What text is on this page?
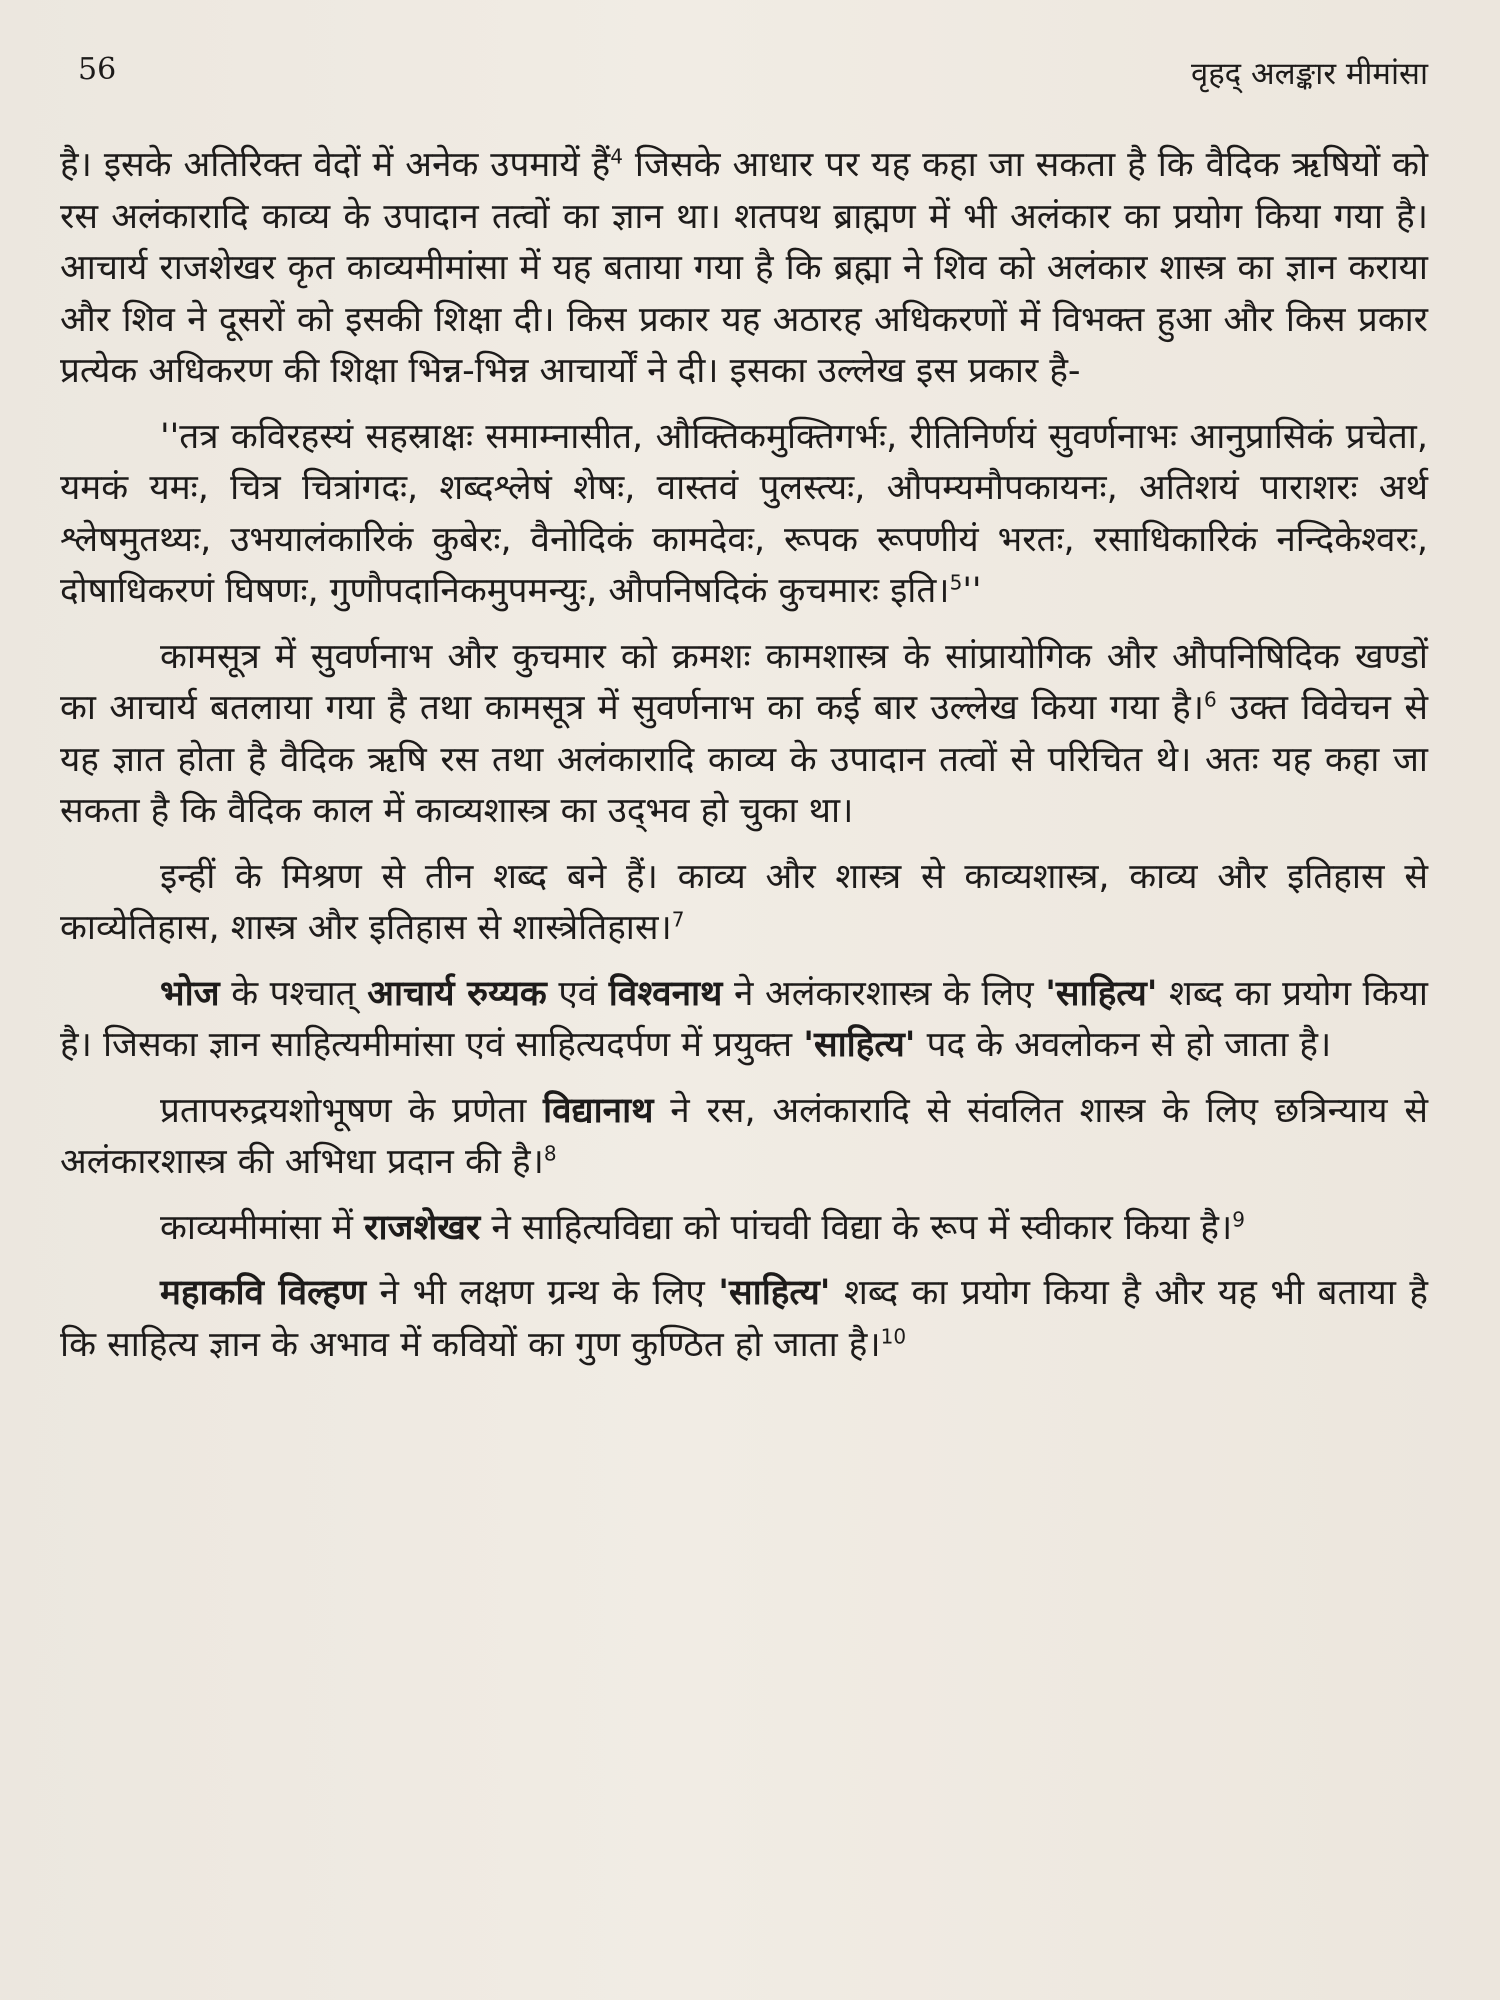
56	वृहद् अलङ्कार मीमांसा

है। इसके अतिरिक्त वेदों में अनेक उपमायें हैं$^4$ जिसके आधार पर यह कहा जा सकता है कि वैदिक ऋषियों को रस अलंकारादि काव्य के उपादान तत्वों का ज्ञान था। शतपथ ब्राह्मण में भी अलंकार का प्रयोग किया गया है। आचार्य राजशेखर कृत काव्यमीमांसा में यह बताया गया है कि ब्रह्मा ने शिव को अलंकार शास्त्र का ज्ञान कराया और शिव ने दूसरों को इसकी शिक्षा दी। किस प्रकार यह अठारह अधिकरणों में विभक्त हुआ और किस प्रकार प्रत्येक अधिकरण की शिक्षा भिन्न-भिन्न आचार्यों ने दी। इसका उल्लेख इस प्रकार है-

''तत्र कविरहस्यं सहस्राक्षः समाम्नासीत, औक्तिकमुक्तिगर्भः, रीतिनिर्णयं सुवर्णनाभः आनुप्रासिकं प्रचेता, यमकं यमः, चित्र चित्रांगदः, शब्दश्लेषं शेषः, वास्तवं पुलस्त्यः, औपम्यमौपकायनः, अतिशयं पाराशरः अर्थ श्लेषमुतथ्यः, उभयालंकारिकं कुबेरः, वैनोदिकं कामदेवः, रूपक रूपणीयं भरतः, रसाधिकारिकं नन्दिकेश्वरः, दोषाधिकरणं घिषणः, गुणौपदानिकमुपमन्युः, औपनिषदिकं कुचमारः इति।$^5$''

कामसूत्र में सुवर्णनाभ और कुचमार को क्रमशः कामशास्त्र के सांप्रायोगिक और औपनिषिदिक खण्डों का आचार्य बतलाया गया है तथा कामसूत्र में सुवर्णनाभ का कई बार उल्लेख किया गया है।$^6$ उक्त विवेचन से यह ज्ञात होता है वैदिक ऋषि रस तथा अलंकारादि काव्य के उपादान तत्वों से परिचित थे। अतः यह कहा जा सकता है कि वैदिक काल में काव्यशास्त्र का उद्‌भव हो चुका था।

इन्हीं के मिश्रण से तीन शब्द बने हैं। काव्य और शास्त्र से काव्यशास्त्र, काव्य और इतिहास से काव्येतिहास, शास्त्र और इतिहास से शास्त्रेतिहास।$^7$

भोज के पश्चात् आचार्य रुय्यक एवं विश्वनाथ ने अलंकारशास्त्र के लिए 'साहित्य' शब्द का प्रयोग किया है। जिसका ज्ञान साहित्यमीमांसा एवं साहित्यदर्पण में प्रयुक्त 'साहित्य' पद के अवलोकन से हो जाता है।

प्रतापरुद्रयशोभूषण के प्रणेता विद्यानाथ ने रस, अलंकारादि से संवलित शास्त्र के लिए छत्रिन्याय से अलंकारशास्त्र की अभिधा प्रदान की है।$^8$

काव्यमीमांसा में राजशेखर ने साहित्यविद्या को पांचवी विद्या के रूप में स्वीकार किया है।$^9$

महाकवि विल्हण ने भी लक्षण ग्रन्थ के लिए 'साहित्य' शब्द का प्रयोग किया है और यह भी बताया है कि साहित्य ज्ञान के अभाव में कवियों का गुण कुण्ठित हो जाता है।$^{10}$
